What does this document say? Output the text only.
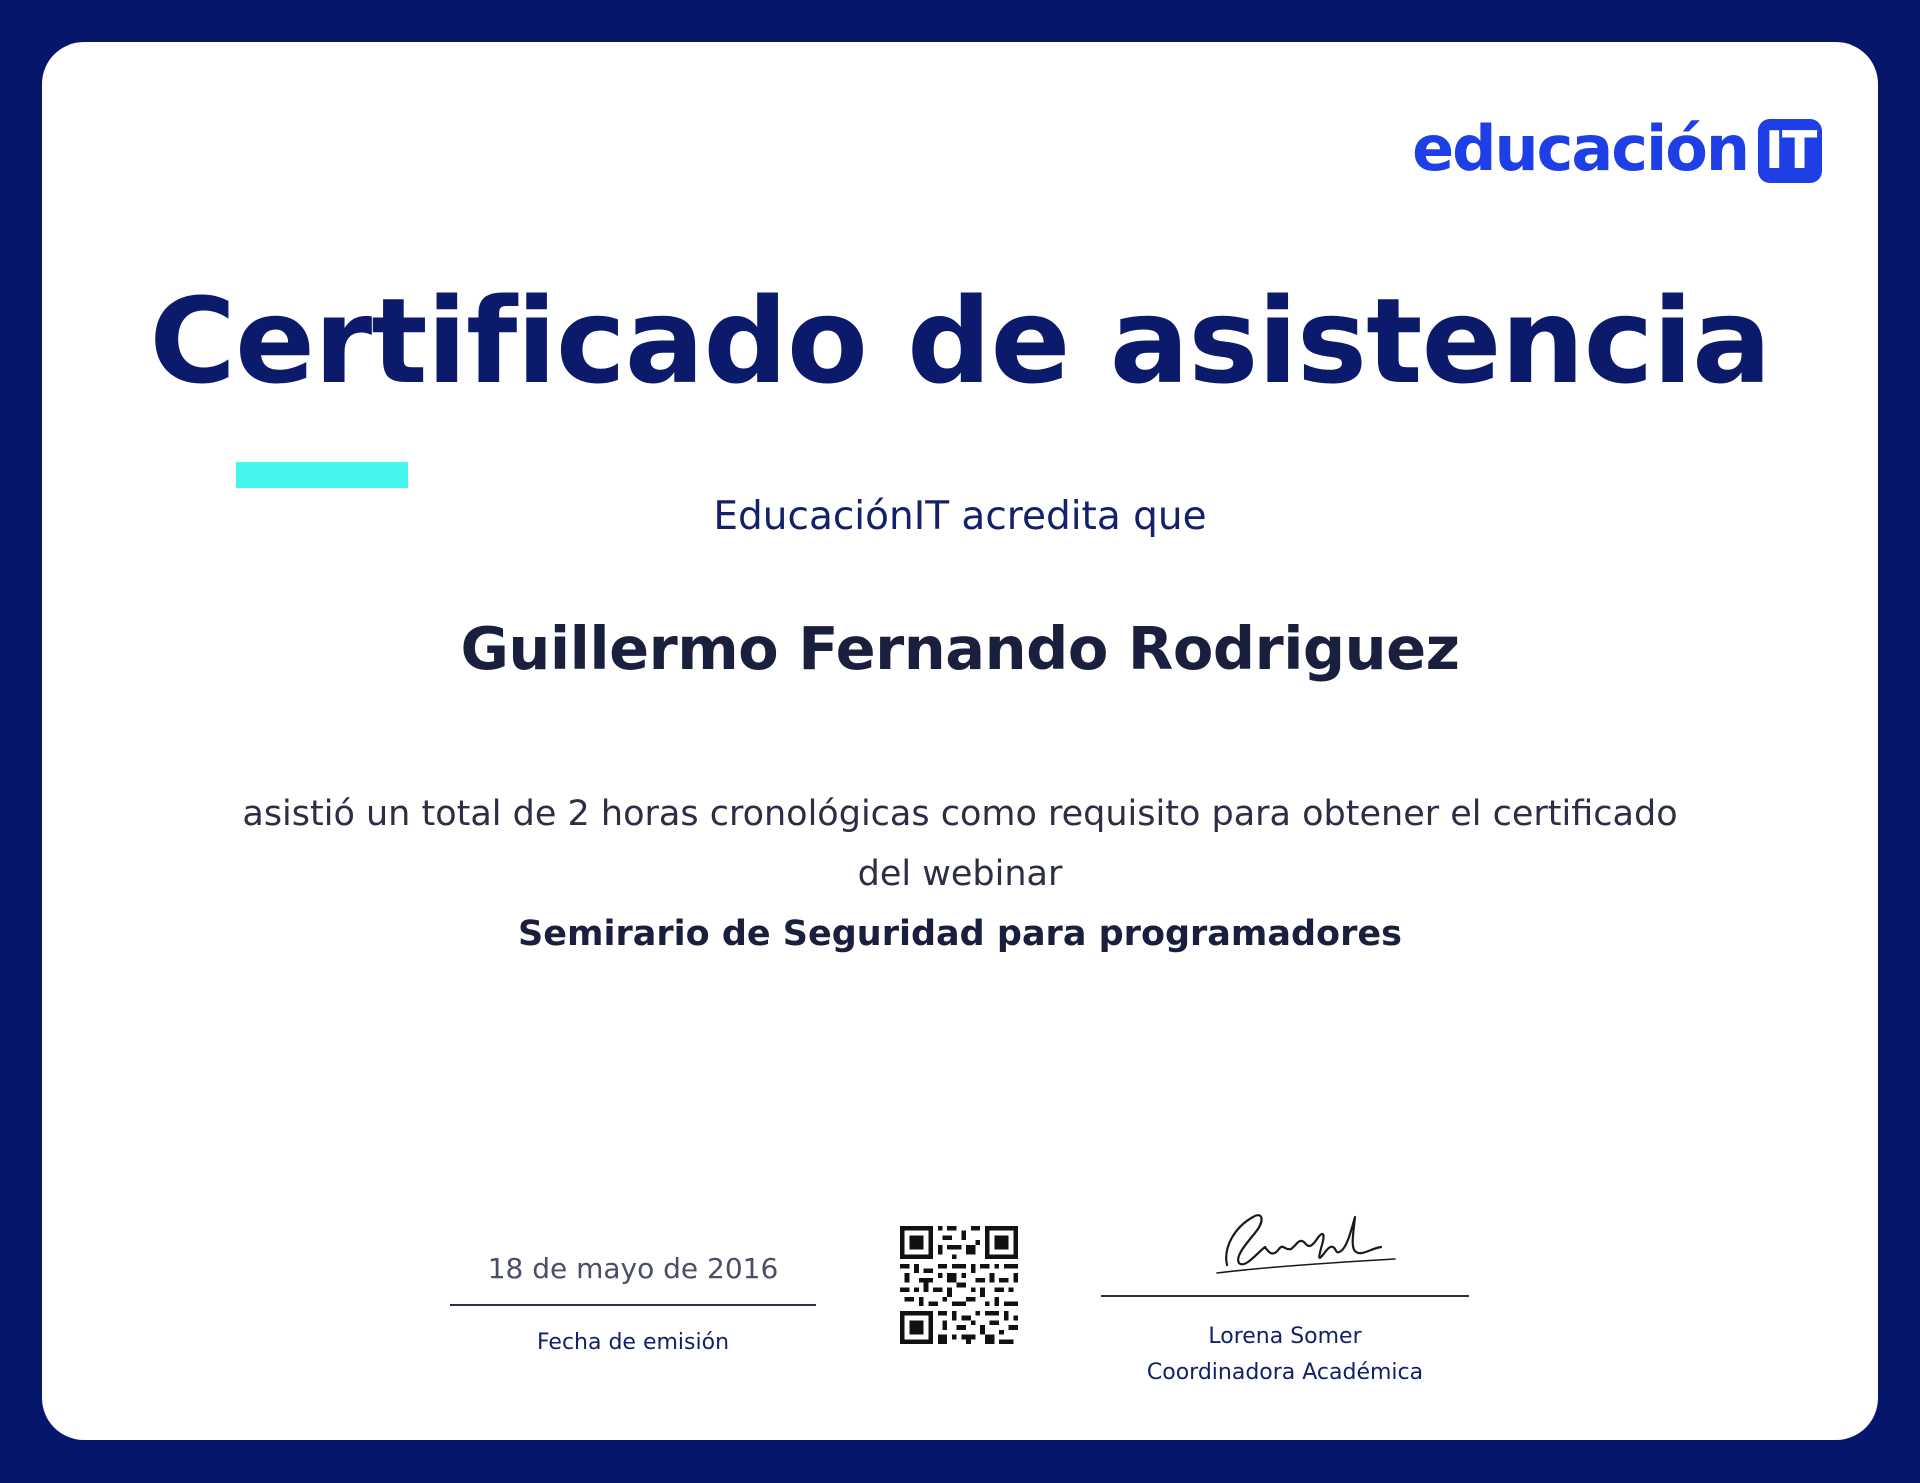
educación IT
Certificado de asistencia
EducaciónIT acredita que
Guillermo Fernando Rodriguez
asistió un total de 2 horas cronológicas como requisito para obtener el certificado
del webinar
Semirario de Seguridad para programadores
18 de mayo de 2016
Fecha de emisión	Lorena Somer
Coordinadora Académica
